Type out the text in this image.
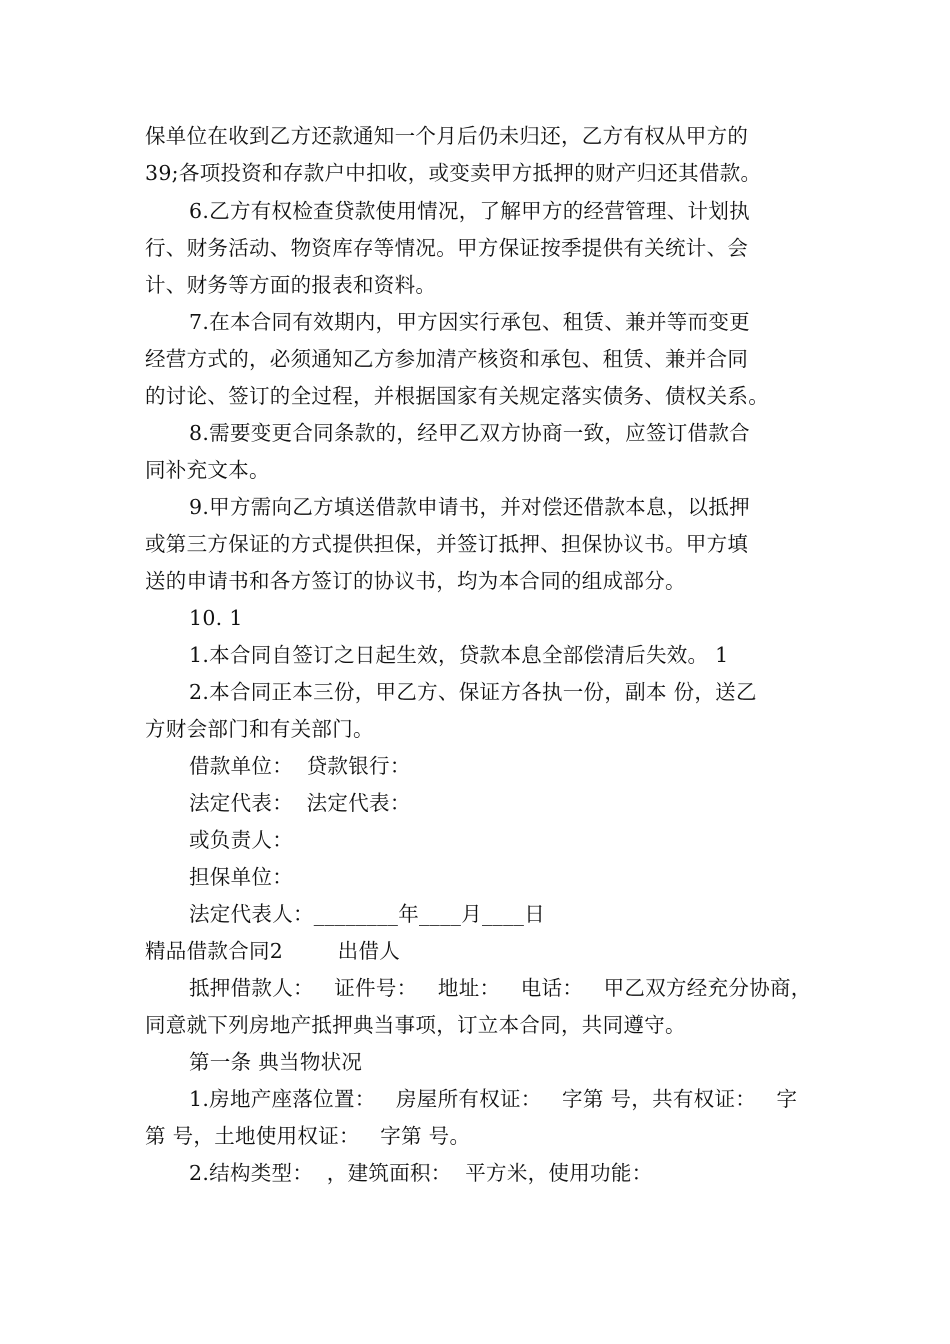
保单位在收到乙方还款通知一个月后仍未归还，乙方有权从甲方的
39;各项投资和存款户中扣收，或变卖甲方抵押的财产归还其借款。
6.乙方有权检查贷款使用情况，了解甲方的经营管理、计划执
行、财务活动、物资库存等情况。甲方保证按季提供有关统计、会
计、财务等方面的报表和资料。
7.在本合同有效期内，甲方因实行承包、租赁、兼并等而变更
经营方式的，必须通知乙方参加清产核资和承包、租赁、兼并合同
的讨论、签订的全过程，并根据国家有关规定落实债务、债权关系。
8.需要变更合同条款的，经甲乙双方协商一致，应签订借款合
同补充文本。
9.甲方需向乙方填送借款申请书，并对偿还借款本息，以抵押
或第三方保证的方式提供担保，并签订抵押、担保协议书。甲方填
送的申请书和各方签订的协议书，均为本合同的组成部分。
10. 1
1.本合同自签订之日起生效，贷款本息全部偿清后失效。 1
2.本合同正本三份，甲乙方、保证方各执一份，副本 份，送乙
方财会部门和有关部门。
借款单位：  贷款银行：
法定代表：  法定代表：
或负责人：
担保单位：
法定代表人：________年____月____日
精品借款合同2        出借人
抵押借款人：   证件号：   地址：   电话：   甲乙双方经充分协商，
同意就下列房地产抵押典当事项，订立本合同，共同遵守。
第一条 典当物状况
1.房地产座落位置：   房屋所有权证：   字第 号，共有权证：   字
第 号，土地使用权证：   字第 号。
2.结构类型：  ，建筑面积：  平方米，使用功能：
